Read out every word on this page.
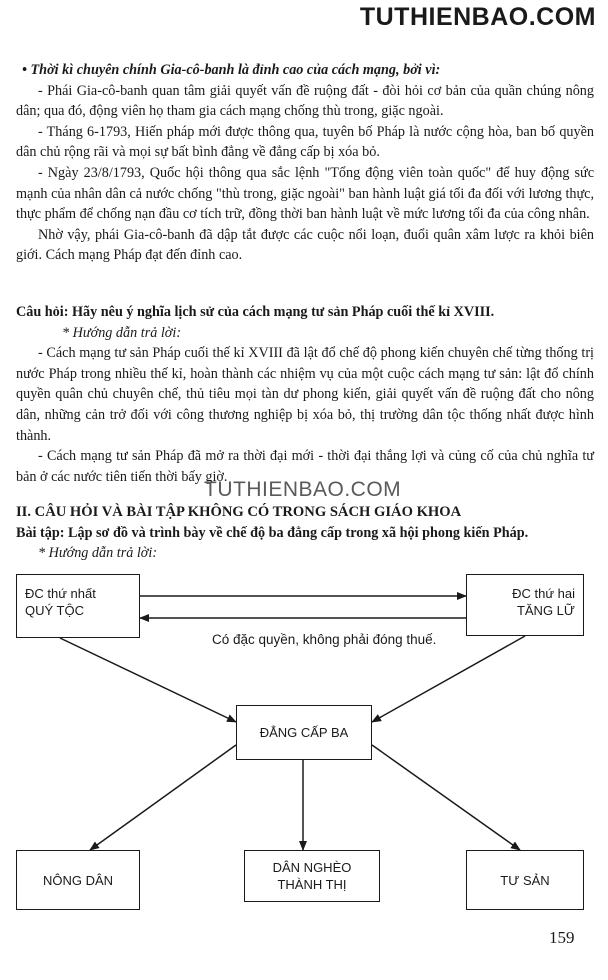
TUTHIENBAO.COM

• Thời kì chuyên chính Gia-cô-banh là đỉnh cao của cách mạng, bởi vì:

- Phái Gia-cô-banh quan tâm giải quyết vấn đề ruộng đất - đòi hỏi cơ bản của quần chúng nông dân; qua đó, động viên họ tham gia cách mạng chống thù trong, giặc ngoài.

- Tháng 6-1793, Hiến pháp mới được thông qua, tuyên bố Pháp là nước cộng hòa, ban bố quyền dân chủ rộng rãi và mọi sự bất bình đẳng về đẳng cấp bị xóa bỏ.

- Ngày 23/8/1793, Quốc hội thông qua sắc lệnh "Tổng động viên toàn quốc" để huy động sức mạnh của nhân dân cả nước chống "thù trong, giặc ngoài" ban hành luật giá tối đa đối với lương thực, thực phẩm để chống nạn đầu cơ tích trữ, đồng thời ban hành luật về mức lương tối đa của công nhân.

Nhờ vậy, phái Gia-cô-banh đã dập tắt được các cuộc nổi loạn, đuổi quân xâm lược ra khỏi biên giới. Cách mạng Pháp đạt đến đỉnh cao.

Câu hỏi: Hãy nêu ý nghĩa lịch sử của cách mạng tư sản Pháp cuối thế kỉ XVIII.

* Hướng dẫn trả lời:

- Cách mạng tư sản Pháp cuối thế kỉ XVIII đã lật đổ chế độ phong kiến chuyên chế từng thống trị nước Pháp trong nhiều thế kỉ, hoàn thành các nhiệm vụ của một cuộc cách mạng tư sản: lật đổ chính quyền quân chủ chuyên chế, thủ tiêu mọi tàn dư phong kiến, giải quyết vấn đề ruộng đất cho nông dân, những cản trở đối với công thương nghiệp bị xóa bỏ, thị trường dân tộc thống nhất được hình thành.

- Cách mạng tư sản Pháp đã mở ra thời đại mới - thời đại thắng lợi và củng cố của chủ nghĩa tư bản ở các nước tiên tiến thời bấy giờ.

TUTHIENBAO.COM

II. CÂU HỎI VÀ BÀI TẬP KHÔNG CÓ TRONG SÁCH GIÁO KHOA

Bài tập: Lập sơ đồ và trình bày về chế độ ba đẳng cấp trong xã hội phong kiến Pháp.

* Hướng dẫn trả lời:

ĐC thứ nhất
QUÝ TỘC
ĐC thứ hai
TĂNG LỮ
Có đặc quyền, không phải đóng thuế.
ĐẲNG CẤP BA
NÔNG DÂN
DÂN NGHÈO
THÀNH THỊ	TƯ SẢN
159
